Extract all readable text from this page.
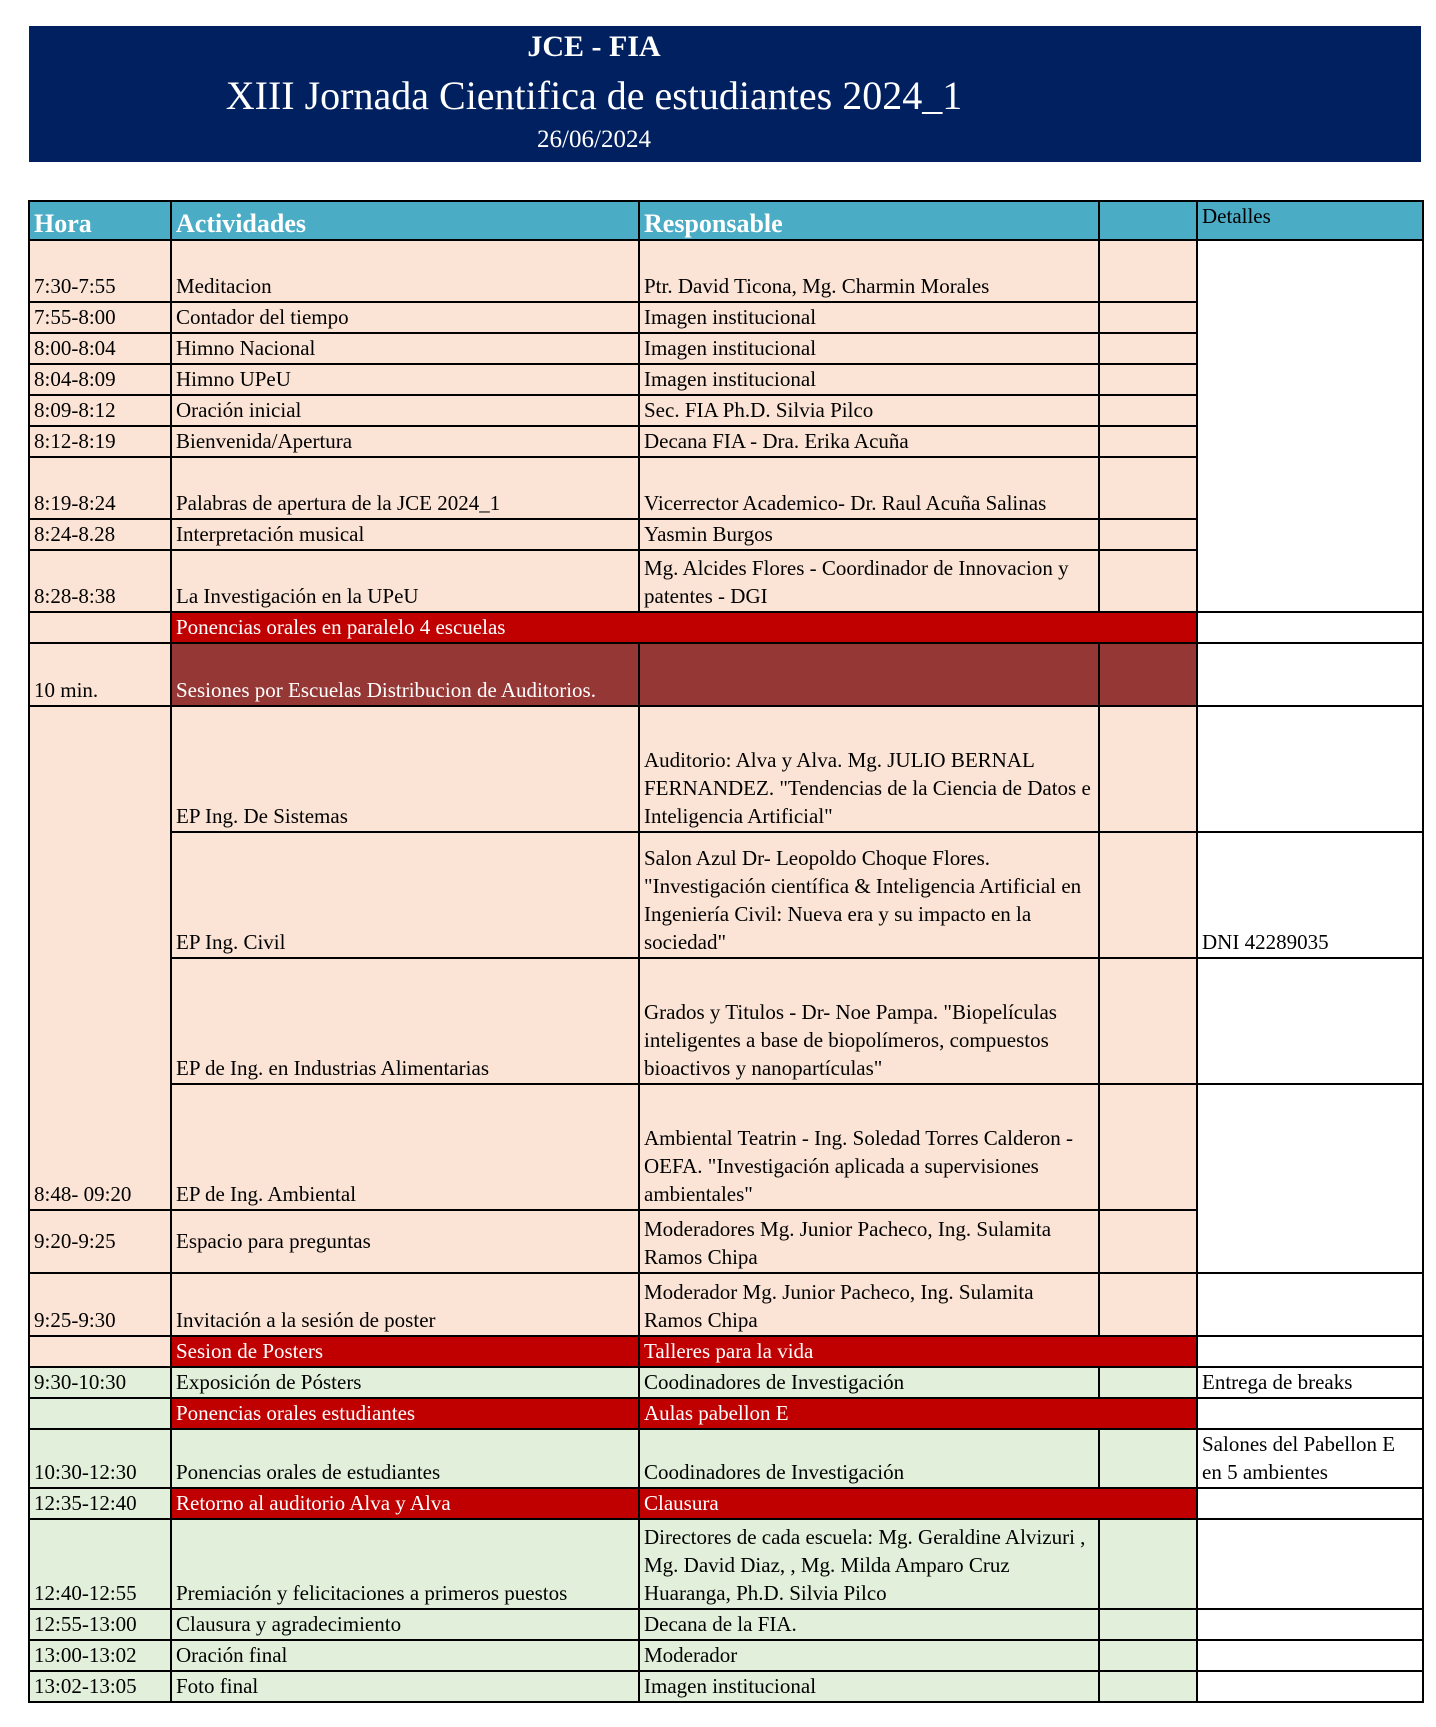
JCE - FIA
XIII Jornada Cientifica de estudiantes 2024_1
26/06/2024
Hora	Actividades	Responsable		Detalles
7:30-7:55	Meditacion	Ptr. David Ticona, Mg. Charmin Morales		
7:55-8:00	Contador del tiempo	Imagen institucional		
8:00-8:04	Himno Nacional	Imagen institucional		
8:04-8:09	Himno UPeU	Imagen institucional		
8:09-8:12	Oración inicial	Sec. FIA Ph.D. Silvia Pilco		
8:12-8:19	Bienvenida/Apertura	Decana FIA - Dra. Erika Acuña		
8:19-8:24	Palabras de apertura de la JCE 2024_1	Vicerrector Academico- Dr. Raul Acuña Salinas		
8:24-8.28	Interpretación musical	Yasmin Burgos		
8:28-8:38	La Investigación en la UPeU	Mg. Alcides Flores - Coordinador de Innovacion y patentes - DGI		
	Ponencias orales en paralelo 4 escuelas			
10 min.	Sesiones por Escuelas Distribucion de Auditorios.			
8:48- 09:20	EP Ing. De Sistemas	Auditorio: Alva y Alva. Mg. JULIO BERNAL FERNANDEZ. "Tendencias de la Ciencia de Datos e Inteligencia Artificial"		
	EP Ing. Civil	Salon Azul Dr- Leopoldo Choque Flores. "Investigación científica & Inteligencia Artificial en Ingeniería Civil: Nueva era y su impacto en la sociedad"		DNI 42289035
	EP de Ing. en Industrias Alimentarias	Grados y Titulos - Dr- Noe Pampa. "Biopelículas inteligentes a base de biopolímeros, compuestos bioactivos y nanopartículas"		
	EP de Ing. Ambiental	Ambiental Teatrin - Ing. Soledad Torres Calderon - OEFA. "Investigación aplicada a supervisiones ambientales"		
9:20-9:25	Espacio para preguntas	Moderadores Mg. Junior Pacheco, Ing. Sulamita Ramos Chipa		
9:25-9:30	Invitación a la sesión de poster	Moderador Mg. Junior Pacheco, Ing. Sulamita Ramos Chipa		
	Sesion de Posters	Talleres para la vida		
9:30-10:30	Exposición de Pósters	Coodinadores de Investigación		Entrega de breaks
	Ponencias orales estudiantes	Aulas pabellon E		
10:30-12:30	Ponencias orales de estudiantes	Coodinadores de Investigación		Salones del Pabellon E en 5 ambientes
12:35-12:40	Retorno al auditorio Alva y Alva	Clausura		
12:40-12:55	Premiación y felicitaciones a primeros puestos	Directores de cada escuela: Mg. Geraldine Alvizuri , Mg. David Diaz, , Mg. Milda Amparo Cruz Huaranga, Ph.D. Silvia Pilco		
12:55-13:00	Clausura y agradecimiento	Decana de la FIA.		
13:00-13:02	Oración final	Moderador		
13:02-13:05	Foto final	Imagen institucional		
